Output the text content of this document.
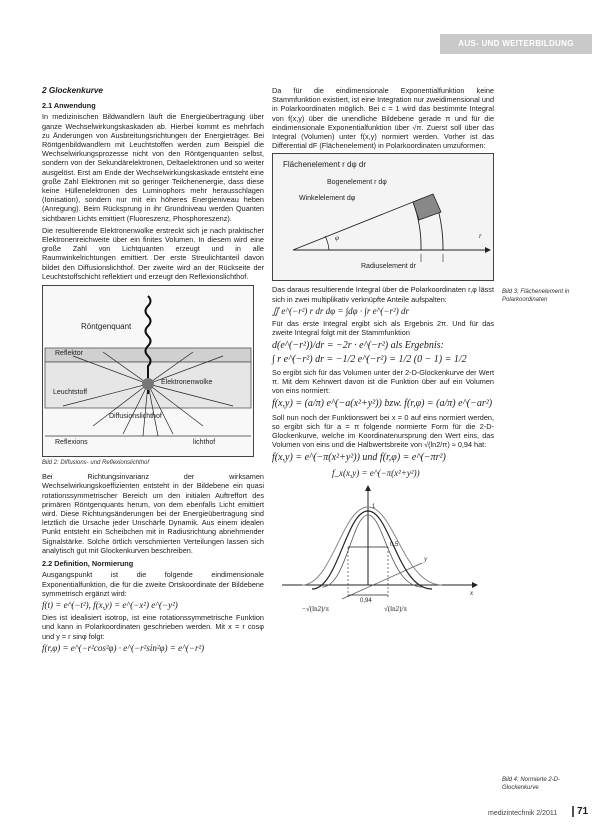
AUS- UND WEITERBILDUNG
2 Glockenkurve
2.1 Anwendung

In medizinischen Bildwandlern läuft die Energieübertragung über ganze Wechselwirkungskaskaden ab. Hierbei kommt es mehrfach zu Änderungen von Ausbreitungsrichtungen der Energieträger. Bei Röntgenbildwandlern mit Leuchtstoffen werden zum Beispiel die Wechselwirkungsprozesse nicht von den Röntgenquanten selbst, sondern von der Sekundärelektronen, Deltaelektronen und so weiter ausgelöst. Erst am Ende der Wechselwirkungskaskade entsteht eine große Zahl Elektronen mit so geringer Teilchenenergie, dass diese keine Hüllenelektronen des Luminophors mehr herausschlagen (Ionisation), sondern nur mit ein höheres Energieniveau heben (Anregung). Beim Rücksprung in ihr Grundniveau werden Quanten sichtbaren Lichts emittiert (Fluoreszenz, Phosphoreszenz).

Die resultierende Elektronenwolke erstreckt sich je nach praktischer Elektronenreichweite über ein finites Volumen. In diesem wird eine große Zahl von Lichtquanten erzeugt und in alle Raumwinkelrichtungen emittiert. Der erste Streulichtanteil davon bildet den Diffusionslichthof. Der zweite wird an der Rückseite der Leuchtstoffschicht reflektiert und erzeugt den Reflexionslichthof.

Röntgenquant
Reflektor
Leuchtstoff
Elektronenwolke
Diffusionslichthof
Reflexions	lichthof
Bild 2: Diffusions- und Reflexionslichthof

Bei Richtungsinvarianz der wirksamen Wechselwirkungskoeffizienten entsteht in der Bildebene ein quasi rotationssymmetrischer Bereich um den initialen Auftreffort des primären Röntgenquants herum, von dem ebenfalls Licht emittiert wird. Diese Richtungsänderungen bei der Energieübertragung sind letztlich die Ursache jeder Unschärfe Dynamik. Aus einem idealen Punkt entsteht ein Scheibchen mit in Radiusrichtung abnehmender Signalstärke. Solche örtlich verschmierten Verteilungen lassen sich analytisch gut mit Glockenkurven beschreiben.

2.2 Definition, Normierung

Ausgangspunkt ist die folgende eindimensionale Exponentialfunktion, die für die zweite Ortskoordinate der Bildebene symmetrisch ergänzt wird:

f(t) = e^(−t²), f(x,y) = e^(−x²) e^(−y²)

Dies ist idealisiert isotrop, ist eine rotationssymmetrische Funktion und kann in Polarkoordinaten geschrieben werden. Mit x = r cosφ und y = r sinφ folgt:

f(r,φ) = e^(−r²cos²φ) · e^(−r²sin²φ) = e^(−r²)

Da für die eindimensionale Exponentialfunktion keine Stammfunktion existiert, ist eine Integration nur zweidimensional und in Polarkoordinaten möglich. Bei c = 1 wird das bestimmte Integral von f(x,y) über die unendliche Bildebene gerade π und für die eindimensionale Exponentialfunktion über √π. Zuerst soll über das Integral (Volumen) unter f(x,y) normiert werden. Vorher ist das Differential dF (Flächenelement) in Polarkoordinaten umzuformen:

Flächenelement r dφ dr
Bogenelement r dφ
Winkelelement dφ
φ	r
Radiuselement dr

Das daraus resultierende Integral über die Polarkoordinaten r,φ lässt sich in zwei multiplikativ verknüpfte Anteile aufspalten:

∬ e^(−r²) r dr dφ = ∫dφ · ∫r e^(−r²) dr

Für das erste Integral ergibt sich als Ergebnis 2π. Und für das zweite Integral folgt mit der Stammfunktion

d(e^(−r²))/dr = −2r · e^(−r²) als Ergebnis:
∫ r e^(−r²) dr = −1/2 e^(−r²) = 1/2 (0 − 1) = 1/2

So ergibt sich für das Volumen unter der 2-D-Glockenkurve der Wert π. Mit dem Kehrwert davon ist die Funktion über auf ein Volumen von eins normiert:

f(x,y) = (a/π) e^(−a(x²+y²)) bzw. f(r,φ) = (a/π) e^(−ar²)

Soll nun noch der Funktionswert bei x = 0 auf eins normiert werden, so ergibt sich für a = π folgende normierte Form für die 2-D-Glockenkurve, welche im Koordinatenursprung den Wert eins, das Volumen von eins und die Halbwertsbreite von √(ln2/π) ≈ 0,94 hat:

f(x,y) = e^(−π(x²+y²)) und f(r,φ) = e^(−πr²)
f_x(x,y) = e^(−π(x²+y²))
1
0,5
0,94
x
y
−√(ln2)/π	√(ln2)/π
Bild 3: Flächenelement in Polarkoordinaten
Bild 4: Normierte 2-D-Glockenkurve
medizintechnik 2/2011	71
